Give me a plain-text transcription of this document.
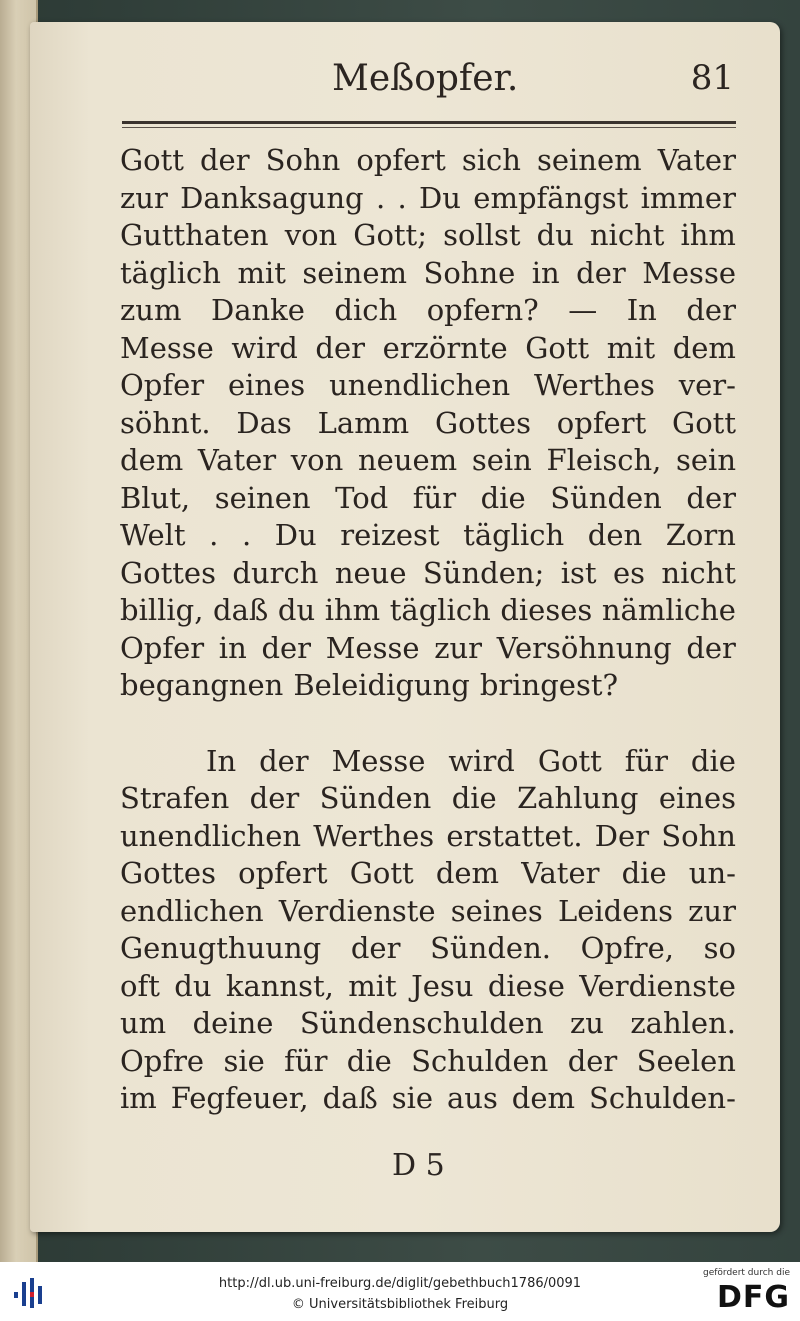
Meßopfer.	81
Gott der Sohn opfert sich seinem Vater
zur Danksagung . . Du empfängst immer
Gutthaten von Gott; sollst du nicht ihm
täglich mit seinem Sohne in der Messe
zum Danke dich opfern? — In der
Messe wird der erzörnte Gott mit dem
Opfer eines unendlichen Werthes ver-
söhnt. Das Lamm Gottes opfert Gott
dem Vater von neuem sein Fleisch, sein
Blut, seinen Tod für die Sünden der
Welt . . Du reizest täglich den Zorn
Gottes durch neue Sünden; ist es nicht
billig, daß du ihm täglich dieses nämliche
Opfer in der Messe zur Versöhnung der
begangnen Beleidigung bringest?
In der Messe wird Gott für die
Strafen der Sünden die Zahlung eines
unendlichen Werthes erstattet. Der Sohn
Gottes opfert Gott dem Vater die un-
endlichen Verdienste seines Leidens zur
Genugthuung der Sünden. Opfre, so
oft du kannst, mit Jesu diese Verdienste
um deine Sündenschulden zu zahlen.
Opfre sie für die Schulden der Seelen
im Fegfeuer, daß sie aus dem Schulden-
D 5
http://dl.ub.uni-freiburg.de/diglit/gebethbuch1786/0091
© Universitätsbibliothek Freiburg
gefördert durch die
DFG
